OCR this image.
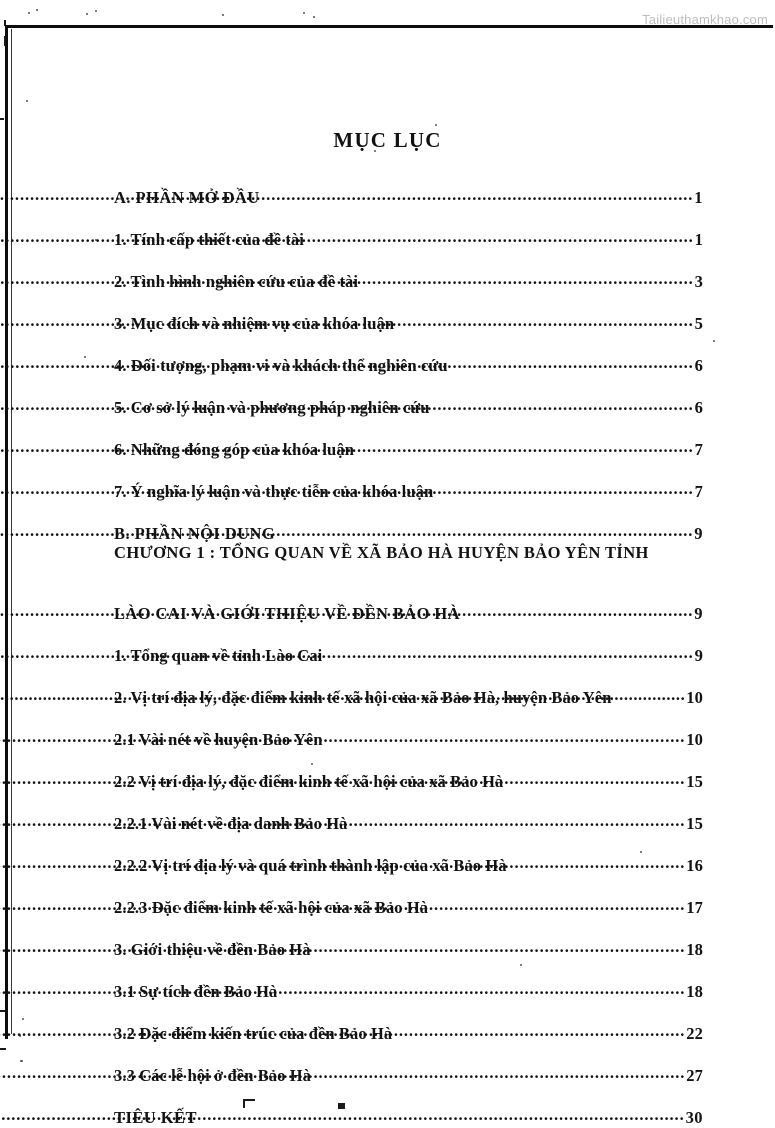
Tailieuthamkhao.com
MỤC LỤC
A. PHẦN MỞ ĐẦU .....	1
1. Tính cấp thiết của đề tài .....	1
2. Tình hình nghiên cứu của đề tài .....	3
3. Mục đích và nhiệm vụ của khóa luận .....	5
4. Đối tượng, phạm vi và khách thể nghiên cứu .....	6
5. Cơ sở lý luận và phương pháp nghiên cứu .....	6
6. Những đóng góp của khóa luận .....	7
7. Ý nghĩa lý luận và thực tiễn của khóa luận .....	7
B. PHẦN NỘI DUNG .....	9
CHƯƠNG 1 : TỔNG QUAN VỀ XÃ BẢO HÀ HUYỆN BẢO YÊN TỈNH
LÀO CAI VÀ GIỚI THIỆU VỀ ĐỀN BẢO HÀ .....	9
1. Tổng quan về tỉnh Lào Cai .....	9
2. Vị trí địa lý, đặc điểm kinh tế xã hội của xã Bảo Hà, huyện Bảo Yên .....	10
2.1 Vài nét về huyện Bảo Yên .....	10
2.2 Vị trí địa lý, đặc điểm kinh tế xã hội của xã Bảo Hà .....	15
2.2.1 Vài nét về địa danh Bảo Hà .....	15
2.2.2 Vị trí địa lý và quá trình thành lập của xã Bảo Hà .....	16
2.2.3 Đặc điểm kinh tế xã hội của xã Bảo Hà .....	17
3. Giới thiệu về đền Bảo Hà .....	18
3.1 Sự tích đền Bảo Hà .....	18
3.2 Đặc điểm kiến trúc của đền Bảo Hà .....	22
3.3 Các lễ hội ở đền Bảo Hà .....	27
TIÊU KẾT .....	30
